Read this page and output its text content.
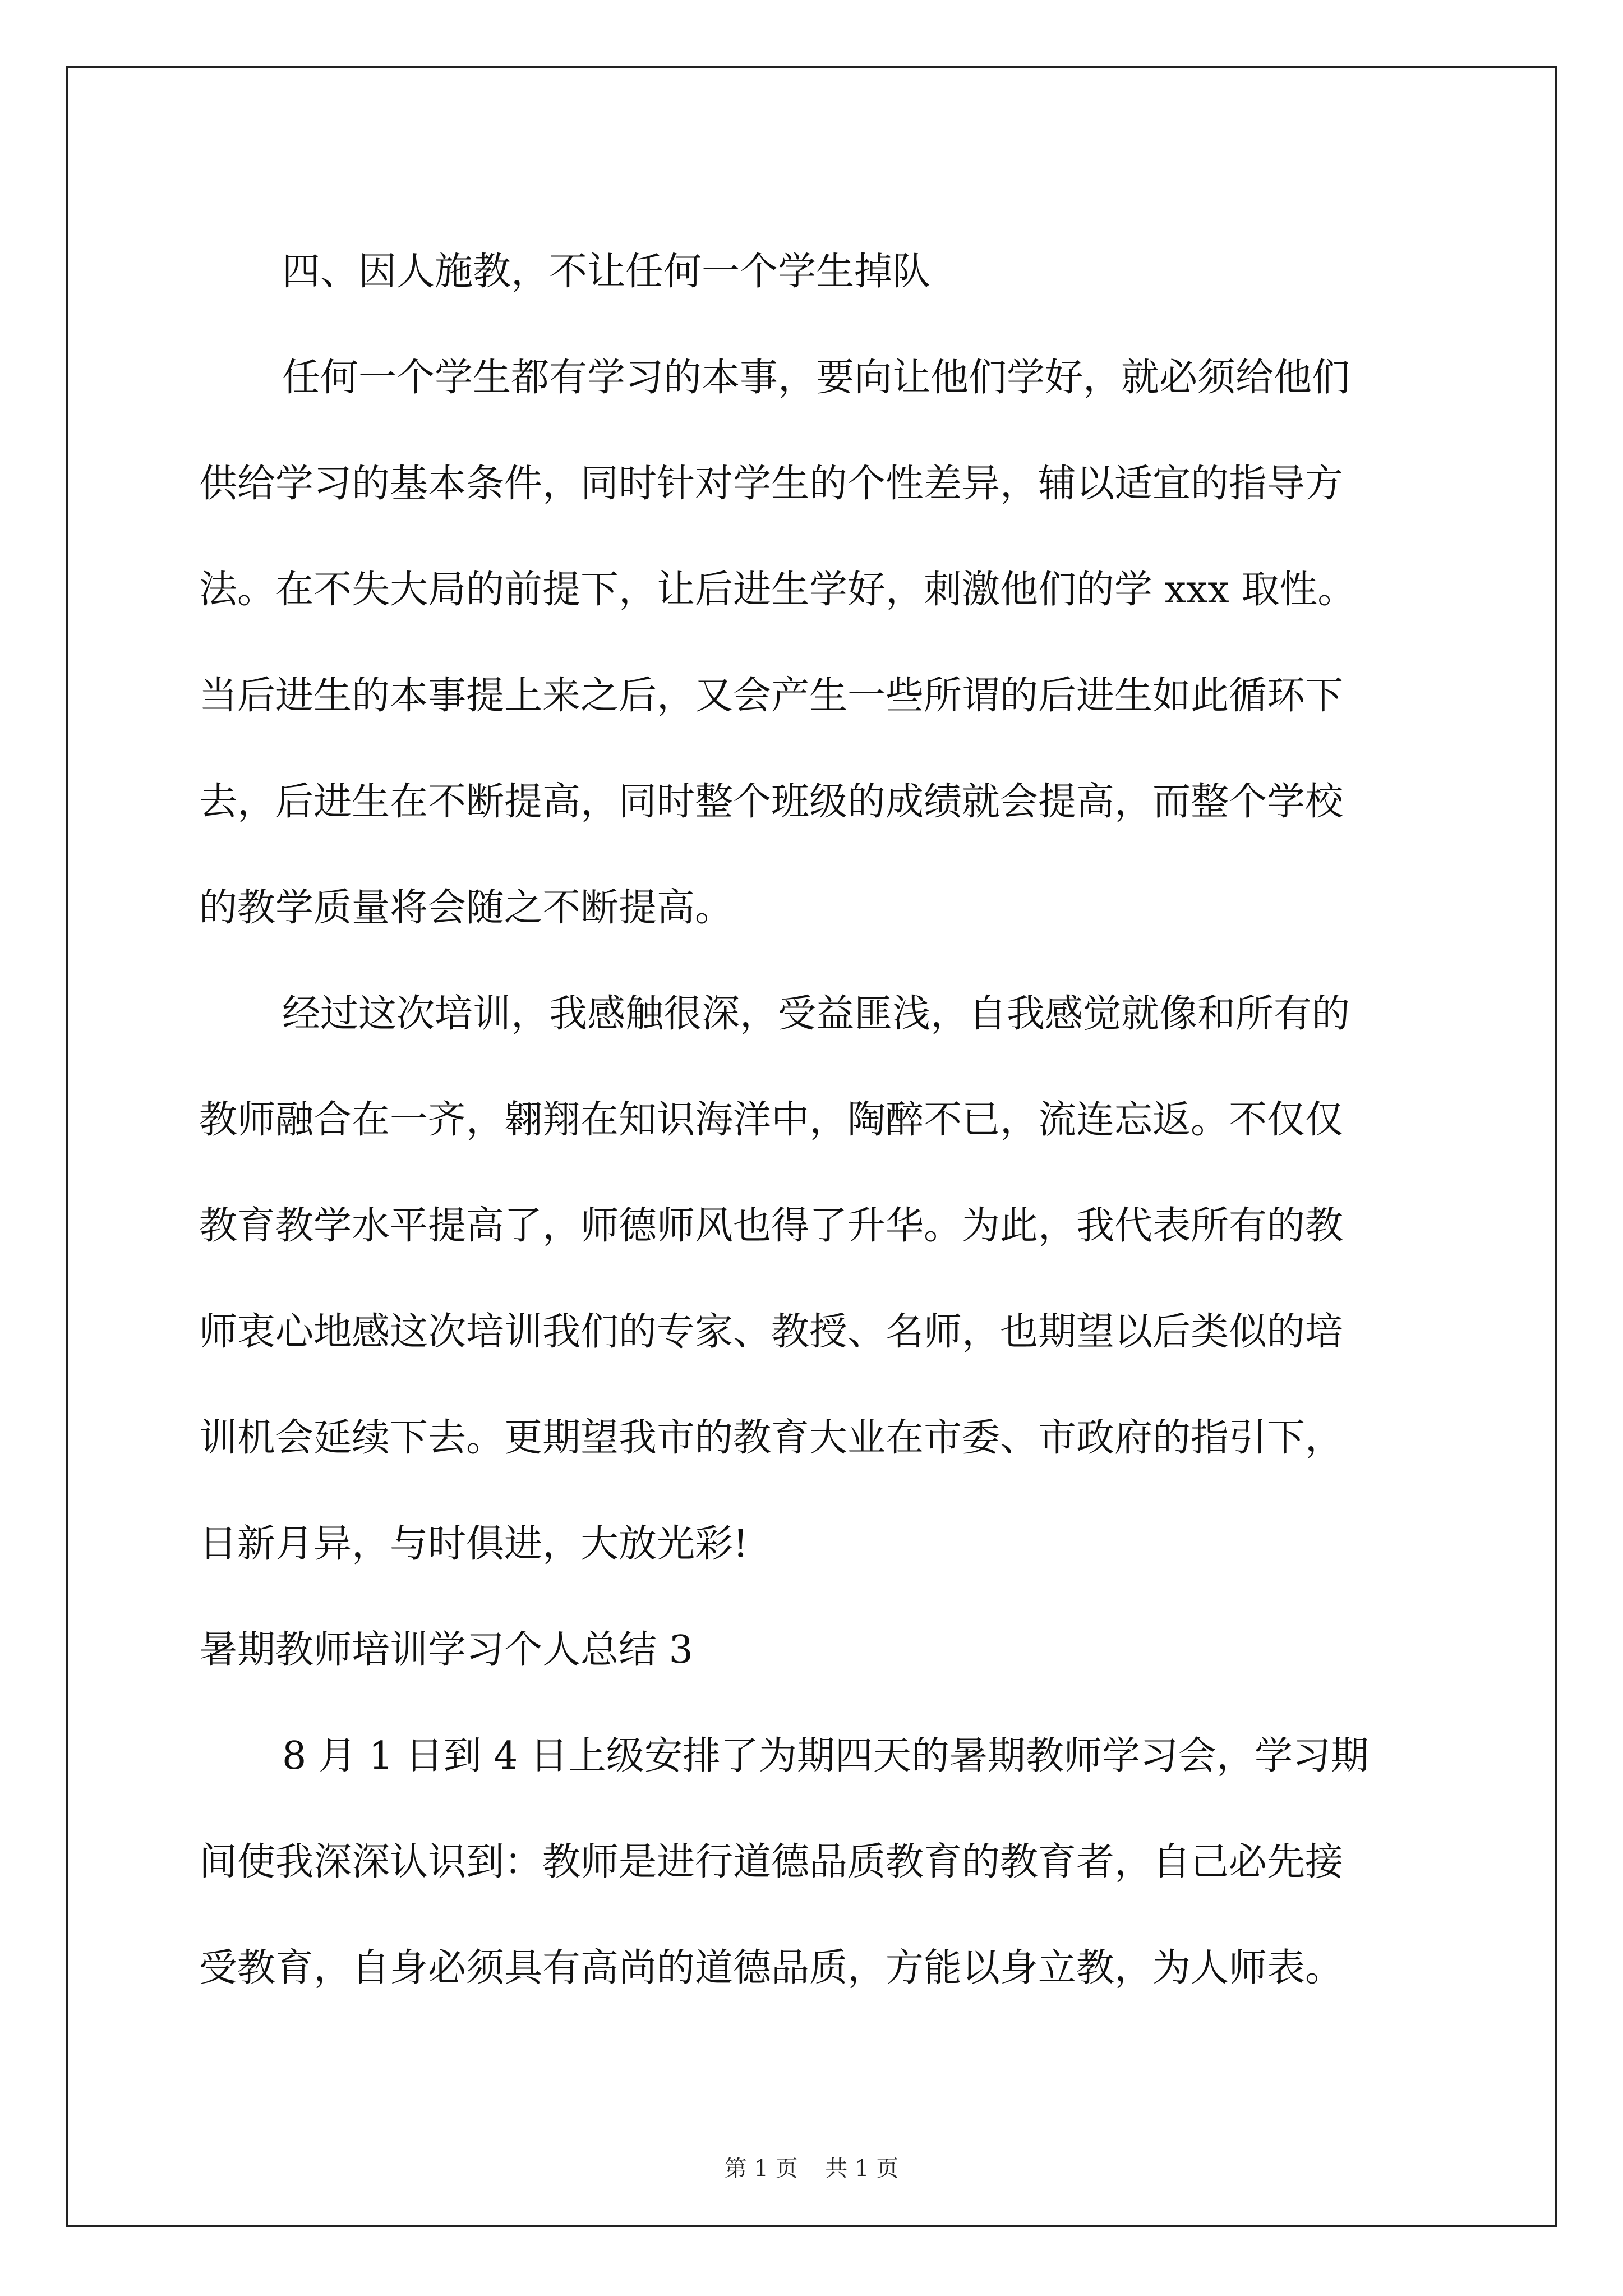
四、因人施教，不让任何一个学生掉队
任何一个学生都有学习的本事，要向让他们学好，就必须给他们
供给学习的基本条件，同时针对学生的个性差异，辅以适宜的指导方
法。在不失大局的前提下，让后进生学好，刺激他们的学 xxx 取性。
当后进生的本事提上来之后，又会产生一些所谓的后进生如此循环下
去，后进生在不断提高，同时整个班级的成绩就会提高，而整个学校
的教学质量将会随之不断提高。
经过这次培训，我感触很深，受益匪浅，自我感觉就像和所有的
教师融合在一齐，翱翔在知识海洋中，陶醉不已，流连忘返。不仅仅
教育教学水平提高了，师德师风也得了升华。为此，我代表所有的教
师衷心地感这次培训我们的专家、教授、名师，也期望以后类似的培
训机会延续下去。更期望我市的教育大业在市委、市政府的指引下，
日新月异，与时俱进，大放光彩!
暑期教师培训学习个人总结 3
8 月 1 日到 4 日上级安排了为期四天的暑期教师学习会，学习期
间使我深深认识到：教师是进行道德品质教育的教育者，自己必先接
受教育，自身必须具有高尚的道德品质，方能以身立教，为人师表。
第 1 页 共 1 页
